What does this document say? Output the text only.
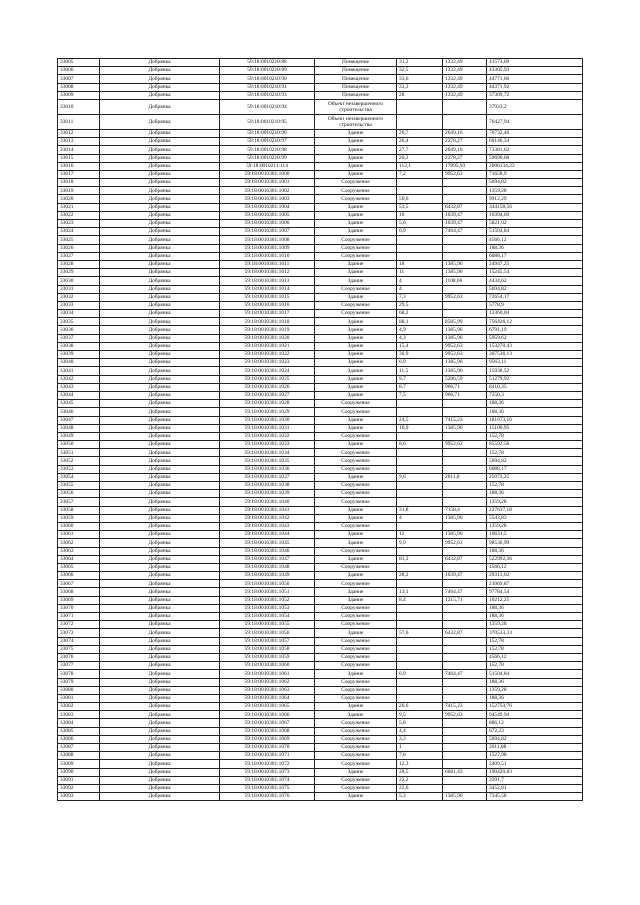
33005	Добрянка	59:18:0010210:88	Помещение	31,2	1332,49	41573,69
33006	Добрянка	59:18:0010210:89	Помещение	32,5	1332,49	43305,93
33007	Добрянка	59:18:0010210:90	Помещение	33,6	1332,49	44771,66
33008	Добрянка	59:18:0010210:91	Помещение	33,3	1332,49	44371,92
33009	Добрянка	59:18:0010210:93	Помещение	28	1332,49	37309,72
33010	Добрянка	59:18:0010210:94	Объект незавершенного строительства			37933,2
33011	Добрянка	59:18:0010210:95	Объект незавершенного строительства			76427,94
33012	Добрянка	59:18:0010210:96	Здание	26,7	2649,16	70732,46
33013	Добрянка	59:18:0010210:97	Здание	26,4	2278,27	60146,34
33014	Добрянка	59:18:0010210:98	Здание	27,7	2649,16	73381,62
33015	Добрянка	59:18:0010210:99	Здание	26,2	2278,27	59690,68
33016	Добрянка	59:18:0010211:114	Здание	112,1	17895,93	2006134,23
33017	Добрянка	59:18:0010301:1000	Здание	7,2	9952,63	71658,9
33018	Добрянка	59:18:0010301:1001	Сооружение			5694,82
33019	Добрянка	59:18:0010301:1002	Сооружение			1359,28
33020	Добрянка	59:18:0010301:1003	Сооружение	50,6		9912,29
33021	Добрянка	59:18:0010301:1004	Здание	53,5	6432,87	344158,56
33022	Добрянка	59:18:0010301:1005	Здание	10	1039,47	10394,69
33023	Добрянка	59:18:0010301:1006	Здание	5,6	1039,47	5821,02
33024	Добрянка	59:18:0010301:1007	Здание	6,9	7464,47	51504,84
33025	Добрянка	59:18:0010301:1008	Сооружение			4566,12
33026	Добрянка	59:18:0010301:1009	Сооружение			188,36
33027	Добрянка	59:18:0010301:1010	Сооружение			6088,17
33028	Добрянка	59:18:0010301:1011	Здание	18	1385,96	24947,25
33029	Добрянка	59:18:0010301:1012	Здание	11	1385,96	15245,54
33030	Добрянка	59:18:0010301:1013	Здание	4	1108,66	4434,62
33031	Добрянка	59:18:0010301:1014	Сооружение	4		5694,82
33032	Добрянка	59:18:0010301:1015	Здание	7,3	9952,63	72654,17
33033	Добрянка	59:18:0010301:1016	Сооружение	29,5		5778,9
33034	Добрянка	59:18:0010301:1017	Сооружение	68,2		13360,04
33035	Добрянка	59:18:0010301:1018	Здание	88,1	8585,99	756426,12
33036	Добрянка	59:18:0010301:1019	Здание	4,9	1385,96	6791,19
33037	Добрянка	59:18:0010301:1020	Здание	4,3	1385,96	5959,62
33038	Добрянка	59:18:0010301:1021	Здание	15,4	9952,63	153270,43
33039	Добрянка	59:18:0010301:1022	Здание	30,9	9952,63	307536,13
33040	Добрянка	59:18:0010301:1023	Здание	6,9	1385,96	9563,11
33041	Добрянка	59:18:0010301:1024	Здание	11,5	1385,96	15938,52
33042	Добрянка	59:18:0010301:1025	Здание	9,7	5286,59	51279,92
33043	Добрянка	59:18:0010301:1026	Здание	8,7	966,71	8410,35
33044	Добрянка	59:18:0010301:1027	Здание	7,5	966,71	7250,3
33045	Добрянка	59:18:0010301:1028	Сооружение			188,36
33046	Добрянка	59:18:0010301:1029	Сооружение			188,36
33047	Добрянка	59:18:0010301:1030	Здание	24,5	7415,23	181673,16
33048	Добрянка	59:18:0010301:1031	Здание	10,9	1385,96	15106,95
33049	Добрянка	59:18:0010301:1032	Сооружение			152,78
33050	Добрянка	59:18:0010301:1033	Здание	8,6	9952,63	85592,58
33051	Добрянка	59:18:0010301:1034	Сооружение			152,78
33052	Добрянка	59:18:0010301:1035	Сооружение			5694,82
33053	Добрянка	59:18:0010301:1036	Сооружение			6088,17
33054	Добрянка	59:18:0010301:1037	Здание	9,6	2611,8	25073,25
33055	Добрянка	59:18:0010301:1038	Сооружение			152,78
33056	Добрянка	59:18:0010301:1039	Сооружение			188,36
33057	Добрянка	59:18:0010301:1040	Сооружение			1359,28
33058	Добрянка	59:18:0010301:1041	Здание	31,8	7158,4	227637,18
33059	Добрянка	59:18:0010301:1042	Здание	4	1385,96	5543,83
33060	Добрянка	59:18:0010301:1043	Сооружение			1359,28
33061	Добрянка	59:18:0010301:1044	Здание	12	1385,96	16631,5
33062	Добрянка	59:18:0010301:1045	Здание	9,9	9952,63	98530,99
33063	Добрянка	59:18:0010301:1046	Сооружение			188,36
33064	Добрянка	59:18:0010301:1047	Здание	81,3	6432,87	522992,36
33065	Добрянка	59:18:0010301:1048	Сооружение			4566,12
33066	Добрянка	59:18:0010301:1049	Здание	28,2	1039,47	29313,02
33067	Добрянка	59:18:0010301:1050	Сооружение			21069,87
33068	Добрянка	59:18:0010301:1051	Здание	13,1	7464,47	97784,54
33069	Добрянка	59:18:0010301:1052	Здание	8,4	1215,71	10212,25
33070	Добрянка	59:18:0010301:1053	Сооружение			188,36
33071	Добрянка	59:18:0010301:1054	Сооружение			188,36
33072	Добрянка	59:18:0010301:1055	Сооружение			1359,28
33073	Добрянка	59:18:0010301:1056	Здание	57,6	6432,87	370533,33
33074	Добрянка	59:18:0010301:1057	Сооружение			152,78
33075	Добрянка	59:18:0010301:1058	Сооружение			152,78
33076	Добрянка	59:18:0010301:1059	Сооружение			4566,12
33077	Добрянка	59:18:0010301:1060	Сооружение			152,78
33078	Добрянка	59:18:0010301:1061	Здание	6,9	7464,47	51504,84
33079	Добрянка	59:18:0010301:1062	Сооружение			188,36
33080	Добрянка	59:18:0010301:1063	Сооружение			1359,28
33081	Добрянка	59:18:0010301:1064	Сооружение			188,36
33082	Добрянка	59:18:0010301:1065	Здание	20,6	7415,23	152753,76
33083	Добрянка	59:18:0010301:1066	Здание	9,5	9952,63	94549,94
33084	Добрянка	59:18:0010301:1067	Сооружение	5,8		886,12
33085	Добрянка	59:18:0010301:1068	Сооружение	4,4		672,23
33086	Добрянка	59:18:0010301:1069	Сооружение	3,3		5694,82
33087	Добрянка	59:18:0010301:1070	Сооружение	1		2011,08
33088	Добрянка	59:18:0010301:1071	Сооружение	7,8		1527,98
33089	Добрянка	59:18:0010301:1072	Сооружение	12,3		2409,51
33090	Добрянка	59:18:0010301:1073	Здание	28,5	6681,43	190420,83
33091	Добрянка	59:18:0010301:1074	Сооружение	22,2		3391,7
33092	Добрянка	59:18:0010301:1075	Сооружение	22,6		3452,81
33093	Добрянка	59:18:0010301:1076	Здание	5,3	1385,96	7345,58
